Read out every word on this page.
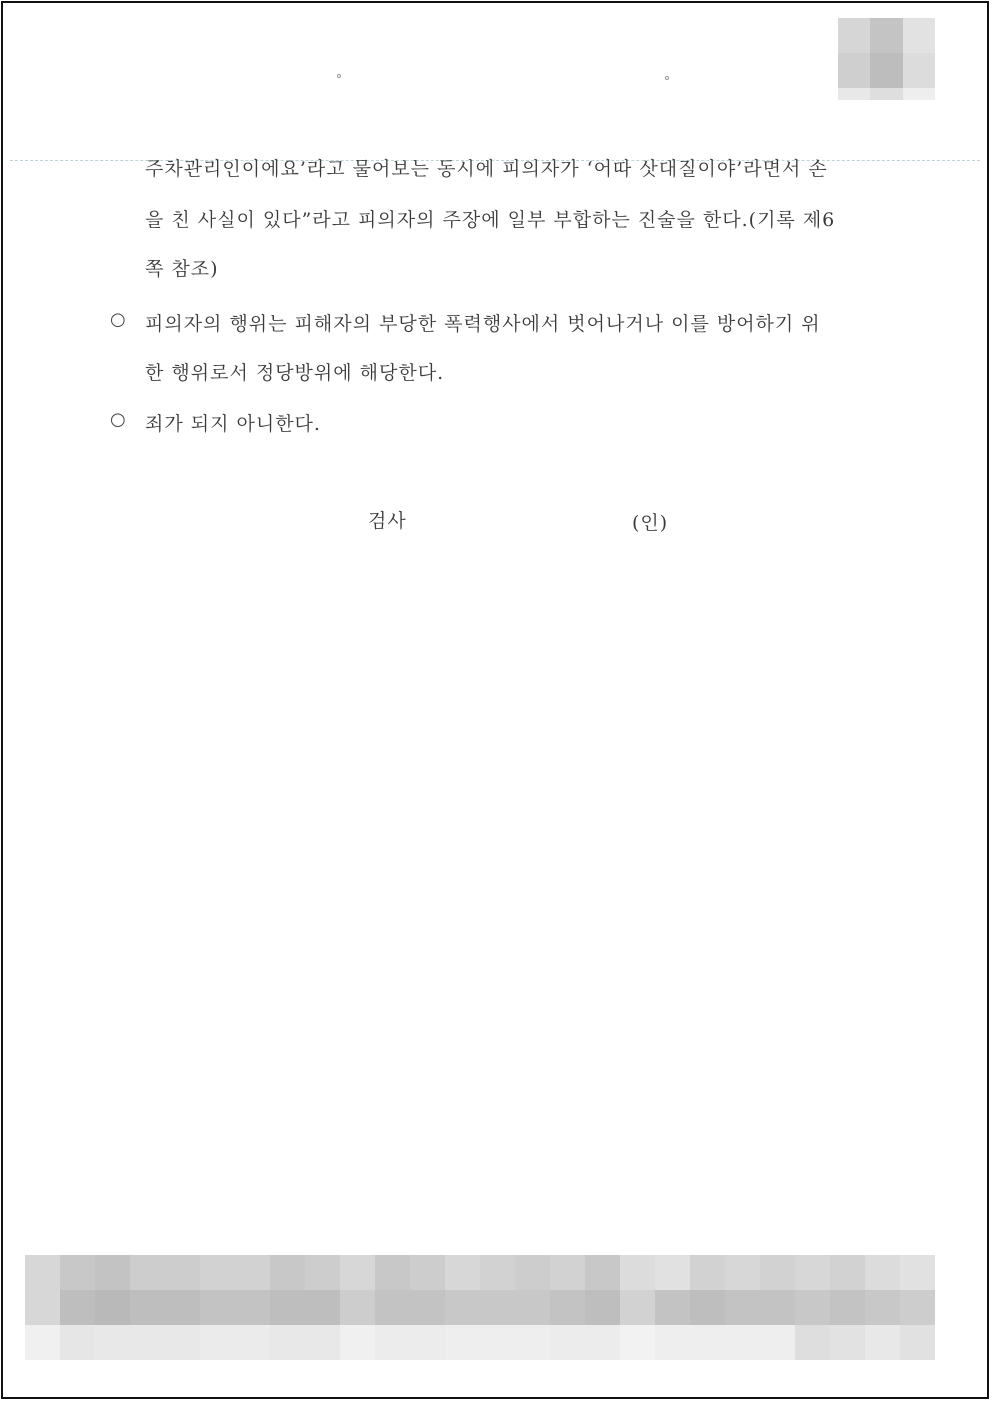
주차관리인이에요’라고 물어보는 동시에 피의자가 ‘어따 삿대질이야’라면서 손
을 친 사실이 있다”라고 피의자의 주장에 일부 부합하는 진술을 한다.(기록 제6
쪽 참조)
○ 피의자의 행위는 피해자의 부당한 폭력행사에서 벗어나거나 이를 방어하기 위
한 행위로서 정당방위에 해당한다.
○ 죄가 되지 아니한다.
검사	(인)
